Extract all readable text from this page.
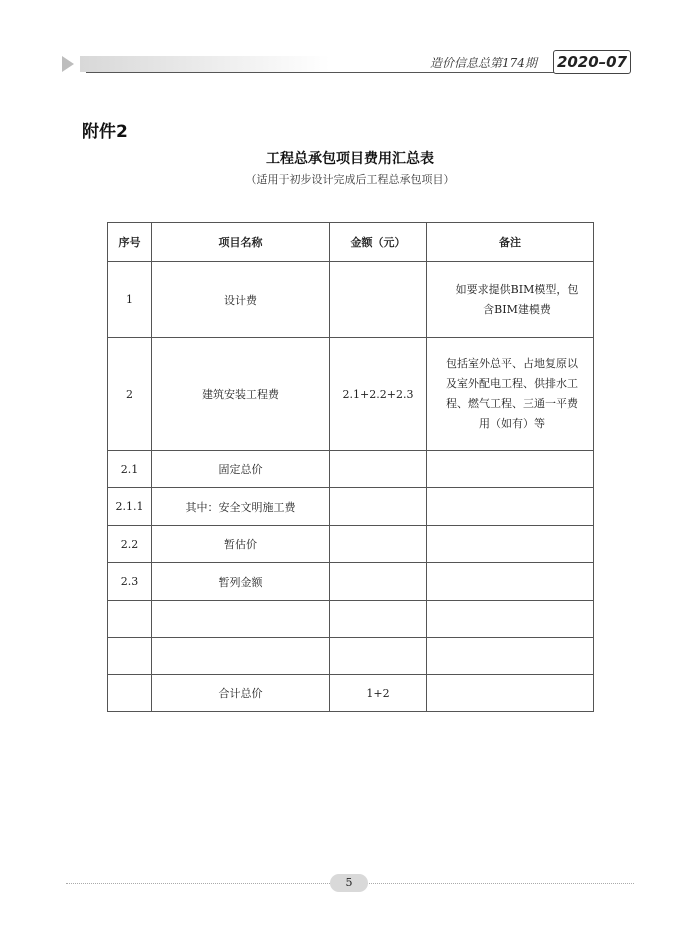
造价信息总第174期 2020–07
附件2
工程总承包项目费用汇总表
（适用于初步设计完成后工程总承包项目）
序号	项目名称	金额（元）	备注
1	设计费		如要求提供BIM模型，包含BIM建模费
2	建筑安装工程费	2.1+2.2+2.3	包括室外总平、占地复原以及室外配电工程、供排水工程、燃气工程、三通一平费用（如有）等
2.1	固定总价		
2.1.1	其中：安全文明施工费		
2.2	暂估价		
2.3	暂列金额		

	合计总价	1+2	
5
